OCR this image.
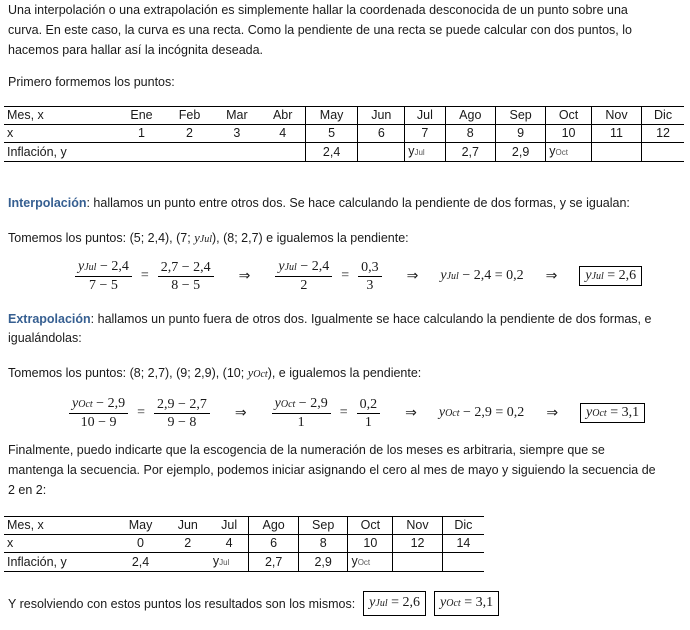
Una interpolación o una extrapolación es simplemente hallar la coordenada desconocida de un punto sobre una
curva. En este caso, la curva es una recta. Como la pendiente de una recta se puede calcular con dos puntos, lo
hacemos para hallar así la incógnita deseada.
Primero formemos los puntos:
Mes, x	Ene	Feb	Mar	Abr	May	Jun	Jul	Ago	Sep	Oct	Nov	Dic
x	1	2	3	4	5	6	7	8	9	10	11	12
Inflación, y					2,4		yJul	2,7	2,9	yOct		
Interpolación: hallamos un punto entre otros dos. Se hace calculando la pendiente de dos formas, y se igualan:
Tomemos los puntos: (5; 2,4), (7; yJul), (8; 2,7) e igualemos la pendiente:
$\frac{\text{yJul − 2,4}}{7 - 5} = \frac{2,7 - 2,4}{8 - 5}$ ⇒ $\frac{\text{yJul − 2,4}}{2} = \frac{0,3}{3}$ ⇒ yJul − 2,4 = 0,2 ⇒	yJul = 2,6
Extrapolación: hallamos un punto fuera de otros dos. Igualmente se hace calculando la pendiente de dos formas, e
igualándolas:
Tomemos los puntos: (8; 2,7), (9; 2,9), (10; yOct), e igualemos la pendiente:
$\frac{\text{yOct − 2,9}}{10 - 9} = \frac{2,9 - 2,7}{9 - 8}$ ⇒ $\frac{\text{yOct − 2,9}}{1} = \frac{0,2}{1}$ ⇒ yOct − 2,9 = 0,2 ⇒	yOct = 3,1
Finalmente, puedo indicarte que la escogencia de la numeración de los meses es arbitraria, siempre que se
mantenga la secuencia. Por ejemplo, podemos iniciar asignando el cero al mes de mayo y siguiendo la secuencia de
2 en 2:
Mes, x	May	Jun	Jul	Ago	Sep	Oct	Nov	Dic
x	0	2	4	6	8	10	12	14
Inflación, y	2,4		yJul	2,7	2,9	yOct		
Y resolviendo con estos puntos los resultados son los mismos:	yJul = 2,6	yOct = 3,1
